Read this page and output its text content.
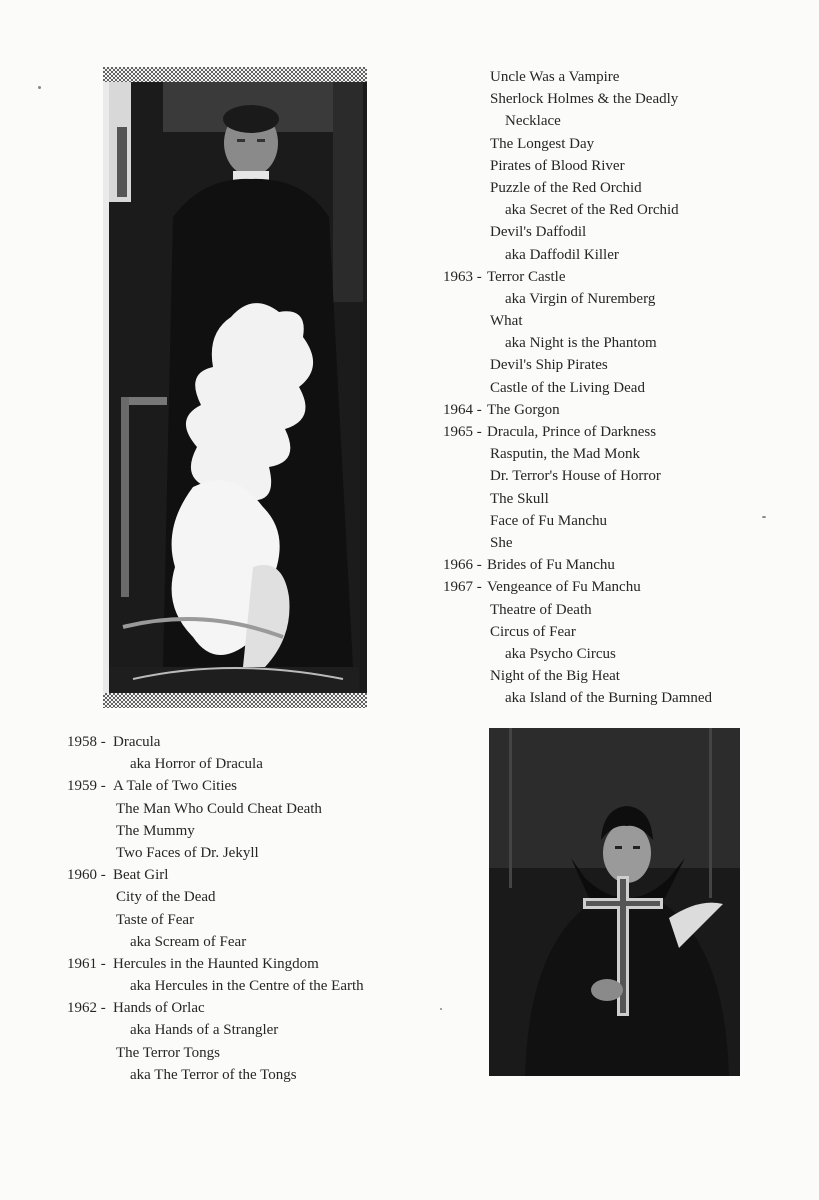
1958 - Dracula
aka Horror of Dracula
1959 - A Tale of Two Cities
The Man Who Could Cheat Death
The Mummy
Two Faces of Dr. Jekyll
1960 - Beat Girl
City of the Dead
Taste of Fear
aka Scream of Fear
1961 - Hercules in the Haunted Kingdom
aka Hercules in the Centre of the Earth
1962 - Hands of Orlac
aka Hands of a Strangler
The Terror Tongs
aka The Terror of the Tongs
Uncle Was a Vampire
Sherlock Holmes & the Deadly
Necklace
The Longest Day
Pirates of Blood River
Puzzle of the Red Orchid
aka Secret of the Red Orchid
Devil's Daffodil
aka Daffodil Killer
1963 - Terror Castle
aka Virgin of Nuremberg
What
aka Night is the Phantom
Devil's Ship Pirates
Castle of the Living Dead
1964 - The Gorgon
1965 - Dracula, Prince of Darkness
Rasputin, the Mad Monk
Dr. Terror's House of Horror
The Skull
Face of Fu Manchu
She
1966 - Brides of Fu Manchu
1967 - Vengeance of Fu Manchu
Theatre of Death
Circus of Fear
aka Psycho Circus
Night of the Big Heat
aka Island of the Burning Damned
